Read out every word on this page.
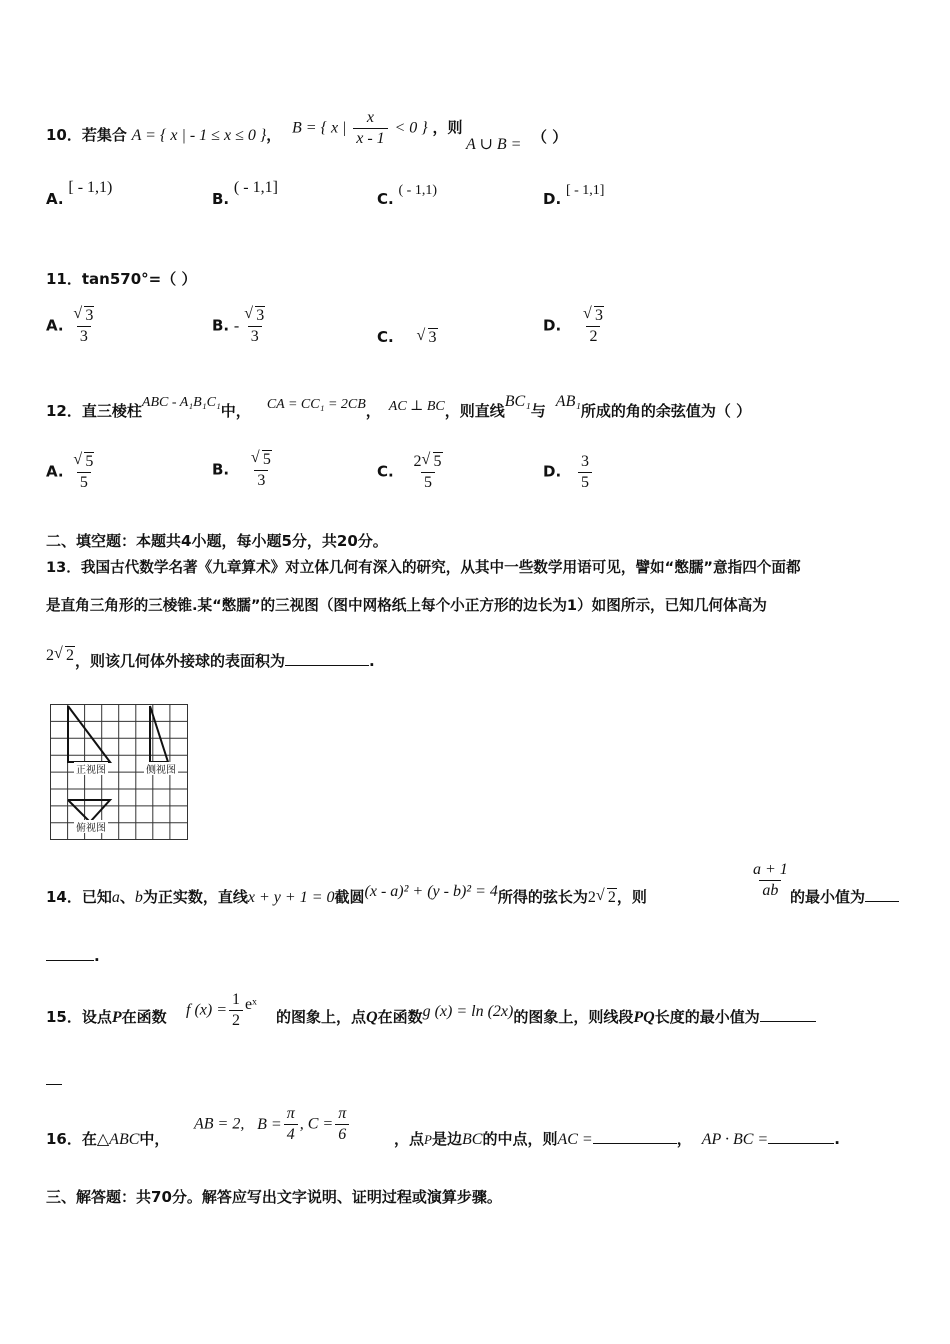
10．若集合 A = { x | - 1 ≤ x ≤ 0 }， B = { x | $\frac{x}{x - 1} < 0$ } ，则
A ∪ B = （ ）
A. [ - 1,1)
B. ( - 1,1]
C. ( - 1,1)	D. [ - 1,1]
11．tan570°=（ ）
A. √ $\frac{3}{3}$	B. - √ $\frac{3}{3}$	C. √ 3
D. √ $\frac{3}{2}$
12．直三棱柱ABC - A₁B₁C₁中， CA = CC₁ = 2CB， AC ⊥ BC，则直线BC₁与AB₁所成的角的余弦值为（ ）
A. √ $\frac{5}{5}$	B. √ $\frac{5}{3}$	C. $\frac{2 √ 5}{5}$	D. $\frac{3}{5}$
二、填空题：本题共4小题，每小题5分，共20分。
13．我国古代数学名著《九章算术》对立体几何有深入的研究，从其中一些数学用语可见，譬如“憋臑”意指四个面都
是直角三角形的三棱锥.某“憋臑”的三视图（图中网格纸上每个小正方形的边长为1）如图所示，已知几何体高为
2 √ 2，则该几何体外接球的表面积为	.
正视图	侧视图
俯视图
14．已知a、b为正实数，直线x + y + 1 = 0截圆(x - a)² + (y - b)² = 4所得的弦长为2 √ 2，则	$\frac{a + 1}{ab}$ 的最小值为
.
15．设点P在函数 f $(x) = \frac{1}{2}$ eˣ
的图象上，点Q在函数g (x) = ln (2x)的图象上，则线段PQ长度的最小值为
16．在△ABC中，
AB = 2, $B = \frac{\pi}{4}$ , $C = \frac{\pi}{6}$	，点P是边BC的中点，则AC =	， AP · BC =	.
三、解答题：共70分。解答应写出文字说明、证明过程或演算步骤。
